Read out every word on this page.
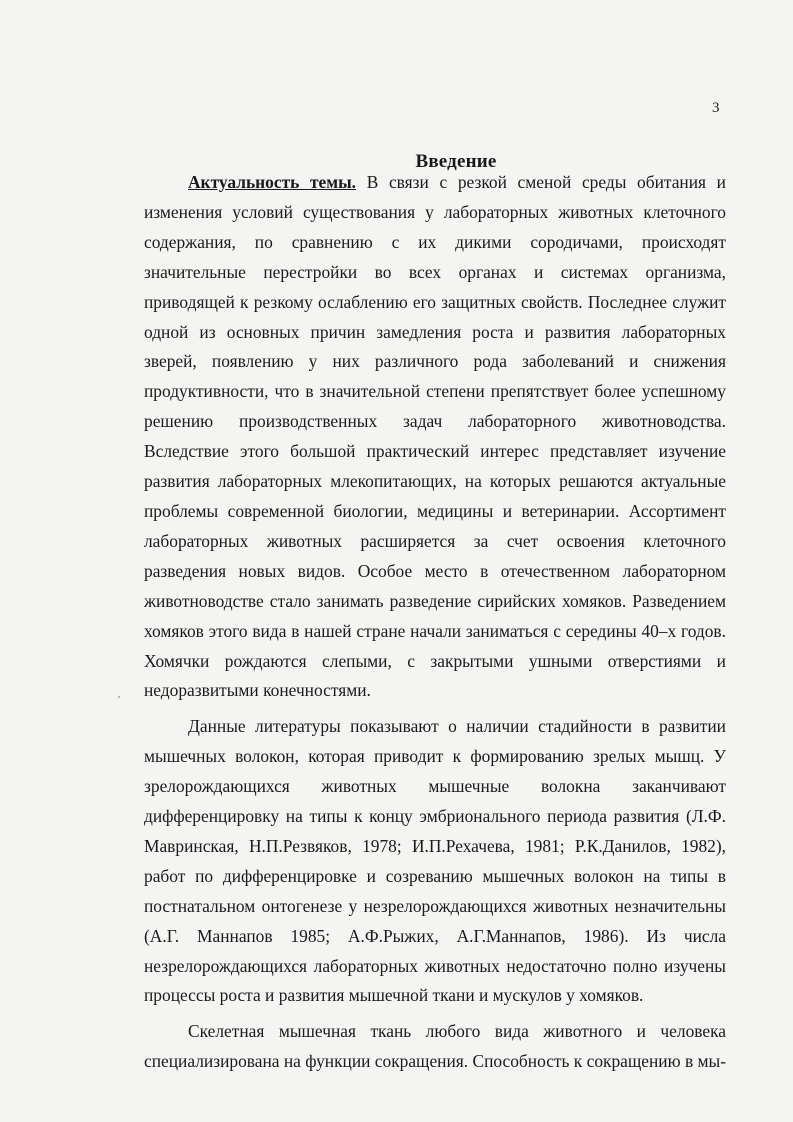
3
Введение

Актуальность темы. В связи с резкой сменой среды обитания и изменения условий существования у лабораторных животных клеточного содержания, по сравнению с их дикими сородичами, происходят значительные перестройки во всех органах и системах организма, приводящей к резкому ослаблению его защитных свойств. Последнее служит одной из основных причин замедления роста и развития лабораторных зверей, появлению у них различного рода заболеваний и снижения продуктивности, что в значительной степени препятствует более успешному решению производственных задач лабораторного животноводства. Вследствие этого большой практический интерес представляет изучение развития лабораторных млекопитающих, на которых решаются актуальные проблемы современной биологии, медицины и ветеринарии. Ассортимент лабораторных животных расширяется за счет освоения клеточного разведения новых видов. Особое место в отечественном лабораторном животноводстве стало занимать разведение сирийских хомяков. Разведением хомяков этого вида в нашей стране начали заниматься с середины 40–х годов. Хомячки рождаются слепыми, с закрытыми ушными отверстиями и недоразвитыми конечностями.

Данные литературы показывают о наличии стадийности в развитии мышечных волокон, которая приводит к формированию зрелых мышц. У зрелорождающихся животных мышечные волокна заканчивают дифференцировку на типы к концу эмбрионального периода развития (Л.Ф. Мавринская, Н.П.Резвяков, 1978; И.П.Рехачева, 1981; Р.К.Данилов, 1982), работ по дифференцировке и созреванию мышечных волокон на типы в постнатальном онтогенезе у незрелорождающихся животных незначительны (А.Г. Маннапов 1985; А.Ф.Рыжих, А.Г.Маннапов, 1986). Из числа незрелорождающихся лабораторных животных недостаточно полно изучены процессы роста и развития мышечной ткани и мускулов у хомяков.

Скелетная мышечная ткань любого вида животного и человека специализирована на функции сокращения. Способность к сокращению в мы-

'
